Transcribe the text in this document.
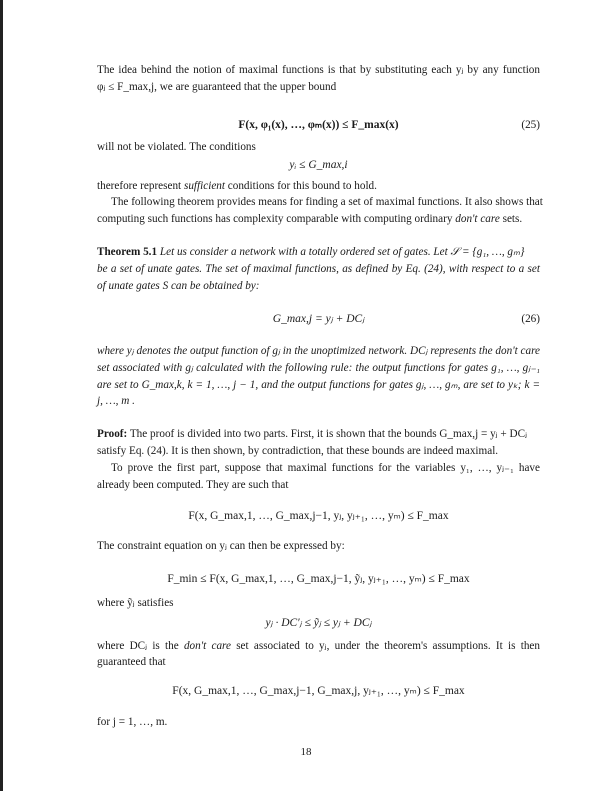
The idea behind the notion of maximal functions is that by substituting each yⱼ by any function
φⱼ ≤ F_max,j, we are guaranteed that the upper bound
F(x, φ₁(x), …, φₘ(x)) ≤ F_max(x)	(25)
will not be violated. The conditions
yᵢ ≤ G_max,i
therefore represent sufficient conditions for this bound to hold.
The following theorem provides means for finding a set of maximal functions. It also shows that
computing such functions has complexity comparable with computing ordinary don't care sets.
Theorem 5.1 Let us consider a network with a totally ordered set of gates. Let 𝒮 = {g₁, …, gₘ}
be a set of unate gates. The set of maximal functions, as defined by Eq. (24), with respect to a set
of unate gates S can be obtained by:
G_max,j = yⱼ + DCⱼ	(26)
where yⱼ denotes the output function of gⱼ in the unoptimized network. DCⱼ represents the don't care
set associated with gⱼ calculated with the following rule: the output functions for gates g₁, …, gⱼ₋₁
are set to G_max,k, k = 1, …, j − 1, and the output functions for gates gⱼ, …, gₘ, are set to yₖ; k =
j, …, m .
Proof: The proof is divided into two parts. First, it is shown that the bounds G_max,j = yⱼ + DCⱼ
satisfy Eq. (24). It is then shown, by contradiction, that these bounds are indeed maximal.
To prove the first part, suppose that maximal functions for the variables y₁, …, yⱼ₋₁ have
already been computed. They are such that
F(x, G_max,1, …, G_max,j−1, yⱼ, yⱼ₊₁, …, yₘ) ≤ F_max
The constraint equation on yⱼ can then be expressed by:
F_min ≤ F(x, G_max,1, …, G_max,j−1, ỹⱼ, yⱼ₊₁, …, yₘ) ≤ F_max
where ỹⱼ satisfies
yⱼ · DC′ⱼ ≤ ỹⱼ ≤ yⱼ + DCⱼ
where DCⱼ is the don't care set associated to yⱼ, under the theorem's assumptions. It is then
guaranteed that
F(x, G_max,1, …, G_max,j−1, G_max,j, yⱼ₊₁, …, yₘ) ≤ F_max
for j = 1, …, m.
18
